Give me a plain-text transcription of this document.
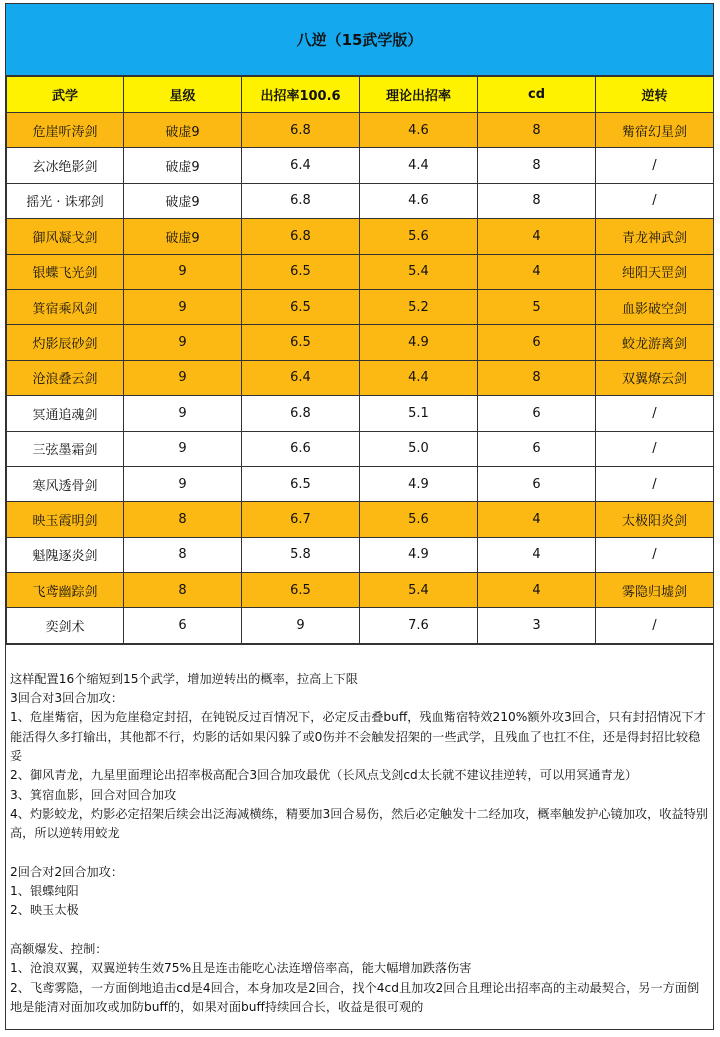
八逆（15武学版）
武学	星级	出招率100.6	理论出招率	cd	逆转
危崖听涛剑	破虚9	6.8	4.6	8	觜宿幻星剑
玄冰绝影剑	破虚9	6.4	4.4	8	/
摇光 · 诛邪剑	破虚9	6.8	4.6	8	/
御风凝戈剑	破虚9	6.8	5.6	4	青龙神武剑
银蝶飞光剑	9	6.5	5.4	4	纯阳天罡剑
箕宿乘风剑	9	6.5	5.2	5	血影破空剑
灼影辰砂剑	9	6.5	4.9	6	蛟龙游离剑
沧浪叠云剑	9	6.4	4.4	8	双翼燎云剑
冥通追魂剑	9	6.8	5.1	6	/
三弦墨霜剑	9	6.6	5.0	6	/
寒风透骨剑	9	6.5	4.9	6	/
映玉霞明剑	8	6.7	5.6	4	太极阳炎剑
魁隗逐炎剑	8	5.8	4.9	4	/
飞鸢幽踪剑	8	6.5	5.4	4	雾隐归墟剑
奕剑术	6	9	7.6	3	/
这样配置16个缩短到15个武学，增加逆转出的概率，拉高上下限
3回合对3回合加攻：
1、危崖觜宿，因为危崖稳定封招，在钝锐反过百情况下，必定反击叠buff，残血觜宿特效210%额外攻3回合，只有封招情况下才能活得久多打输出，其他都不行，灼影的话如果闪躲了或0伤并不会触发招架的一些武学，且残血了也扛不住，还是得封招比较稳妥
2、御风青龙，九星里面理论出招率极高配合3回合加攻最优（长风点戈剑cd太长就不建议挂逆转，可以用冥通青龙）
3、箕宿血影，回合对回合加攻
4、灼影蛟龙，灼影必定招架后续会出泛海减横练，精要加3回合易伤，然后必定触发十二经加攻，概率触发护心镜加攻，收益特别高，所以逆转用蛟龙
2回合对2回合加攻：
1、银蝶纯阳
2、映玉太极
高额爆发、控制：
1、沧浪双翼，双翼逆转生效75%且是连击能吃心法连增倍率高，能大幅增加跌落伤害
2、飞鸢雾隐，一方面倒地追击cd是4回合，本身加攻是2回合，找个4cd且加攻2回合且理论出招率高的主动最契合，另一方面倒地是能清对面加攻或加防buff的，如果对面buff持续回合长，收益是很可观的
